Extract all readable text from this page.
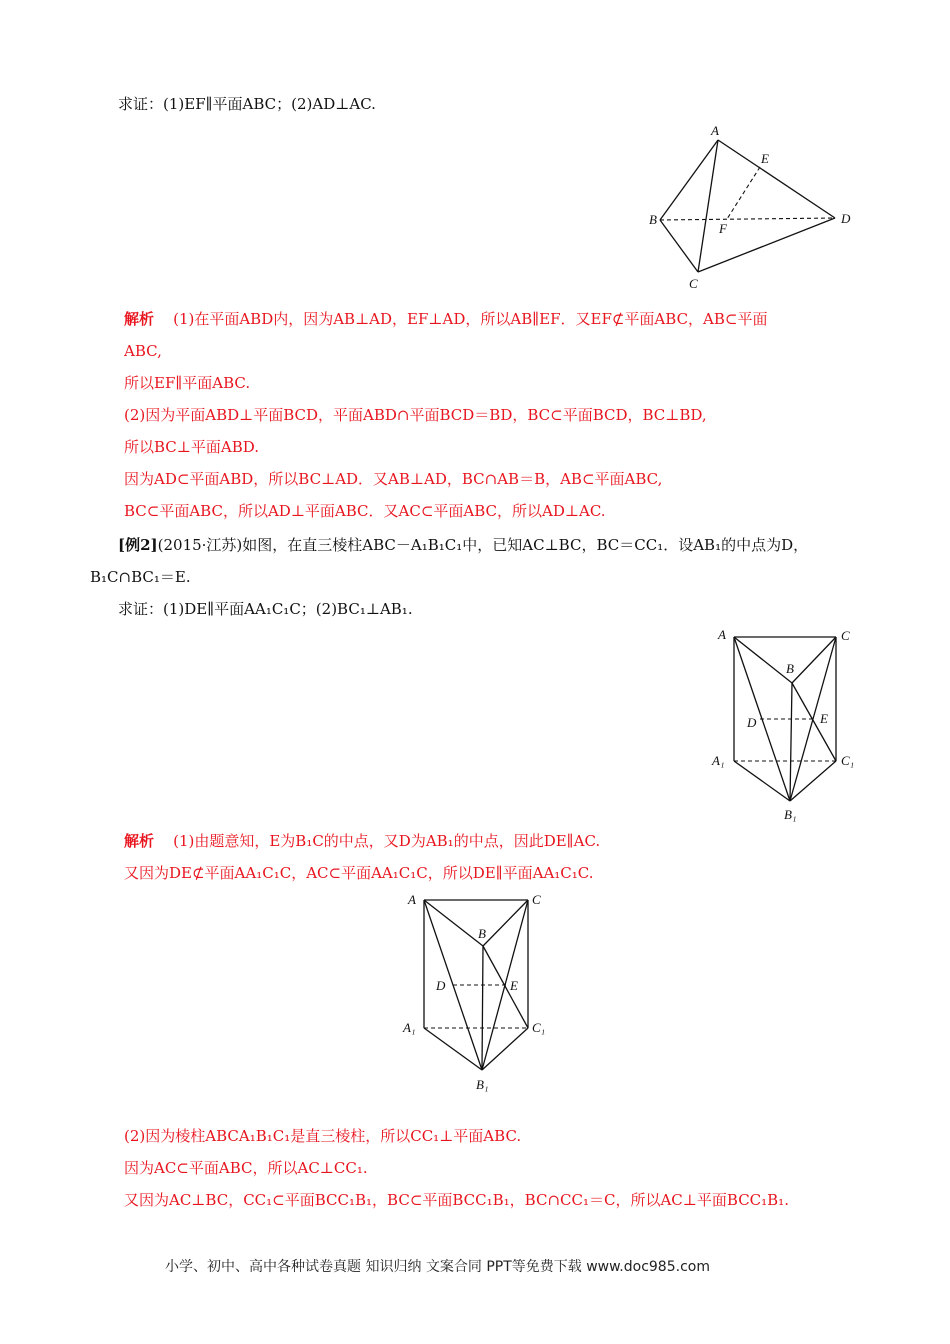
求证：(1)EF∥平面ABC；(2)AD⊥AC.
A
B
C
D
E
F
解析 (1)在平面ABD内，因为AB⊥AD，EF⊥AD，所以AB∥EF．又EF⊄平面ABC，AB⊂平面
ABC,
所以EF∥平面ABC.
(2)因为平面ABD⊥平面BCD，平面ABD∩平面BCD＝BD，BC⊂平面BCD，BC⊥BD,
所以BC⊥平面ABD.
因为AD⊂平面ABD，所以BC⊥AD．又AB⊥AD，BC∩AB＝B，AB⊂平面ABC,
BC⊂平面ABC，所以AD⊥平面ABC．又AC⊂平面ABC，所以AD⊥AC.
[例2](2015·江苏)如图，在直三棱柱ABC－A₁B₁C₁中，已知AC⊥BC，BC＝CC₁．设AB₁的中点为D，
B₁C∩BC₁＝E.
求证：(1)DE∥平面AA₁C₁C；(2)BC₁⊥AB₁.
A	C
B
D	E
A₁	C₁
B₁
解析 (1)由题意知，E为B₁C的中点，又D为AB₁的中点，因此DE∥AC.
又因为DE⊄平面AA₁C₁C，AC⊂平面AA₁C₁C，所以DE∥平面AA₁C₁C.
A	C
B
D	E
A₁	C₁
B₁
(2)因为棱柱ABCA₁B₁C₁是直三棱柱，所以CC₁⊥平面ABC.
因为AC⊂平面ABC，所以AC⊥CC₁.
又因为AC⊥BC，CC₁⊂平面BCC₁B₁，BC⊂平面BCC₁B₁，BC∩CC₁＝C，所以AC⊥平面BCC₁B₁.
小学、初中、高中各种试卷真题 知识归纳 文案合同 PPT等免费下载 www.doc985.com
